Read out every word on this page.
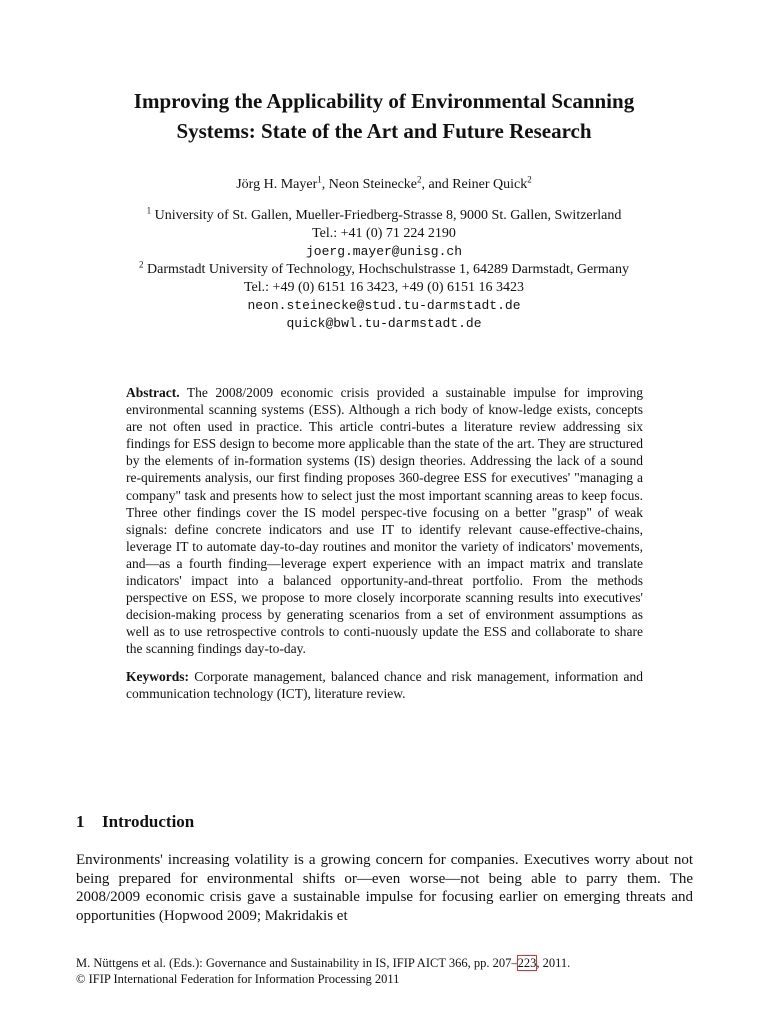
Improving the Applicability of Environmental Scanning
Systems: State of the Art and Future Research
Jörg H. Mayer$^1$, Neon Steinecke$^2$, and Reiner Quick$^2$
$^1$ University of St. Gallen, Mueller-Friedberg-Strasse 8, 9000 St. Gallen, Switzerland
Tel.: +41 (0) 71 224 2190
joerg.mayer@unisg.ch
$^2$ Darmstadt University of Technology, Hochschulstrasse 1, 64289 Darmstadt, Germany
Tel.: +49 (0) 6151 16 3423, +49 (0) 6151 16 3423
neon.steinecke@stud.tu-darmstadt.de
quick@bwl.tu-darmstadt.de

Abstract. The 2008/2009 economic crisis provided a sustainable impulse for improving environmental scanning systems (ESS). Although a rich body of know-ledge exists, concepts are not often used in practice. This article contri-butes a literature review addressing six findings for ESS design to become more applicable than the state of the art. They are structured by the elements of in-formation systems (IS) design theories. Addressing the lack of a sound re-quirements analysis, our first finding proposes 360-degree ESS for executives' "managing a company" task and presents how to select just the most important scanning areas to keep focus. Three other findings cover the IS model perspec-tive focusing on a better "grasp" of weak signals: define concrete indicators and use IT to identify relevant cause-effective-chains, leverage IT to automate day-to-day routines and monitor the variety of indicators' movements, and—as a fourth finding—leverage expert experience with an impact matrix and translate indicators' impact into a balanced opportunity-and-threat portfolio. From the methods perspective on ESS, we propose to more closely incorporate scanning results into executives' decision-making process by generating scenarios from a set of environment assumptions as well as to use retrospective controls to conti-nuously update the ESS and collaborate to share the scanning findings day-to-day.

Keywords: Corporate management, balanced chance and risk management, information and communication technology (ICT), literature review.

1 Introduction

Environments' increasing volatility is a growing concern for companies. Executives worry about not being prepared for environmental shifts or—even worse—not being able to parry them. The 2008/2009 economic crisis gave a sustainable impulse for focusing earlier on emerging threats and opportunities (Hopwood 2009; Makridakis et

M. Nüttgens et al. (Eds.): Governance and Sustainability in IS, IFIP AICT 366, pp. 207–223, 2011.
© IFIP International Federation for Information Processing 2011
